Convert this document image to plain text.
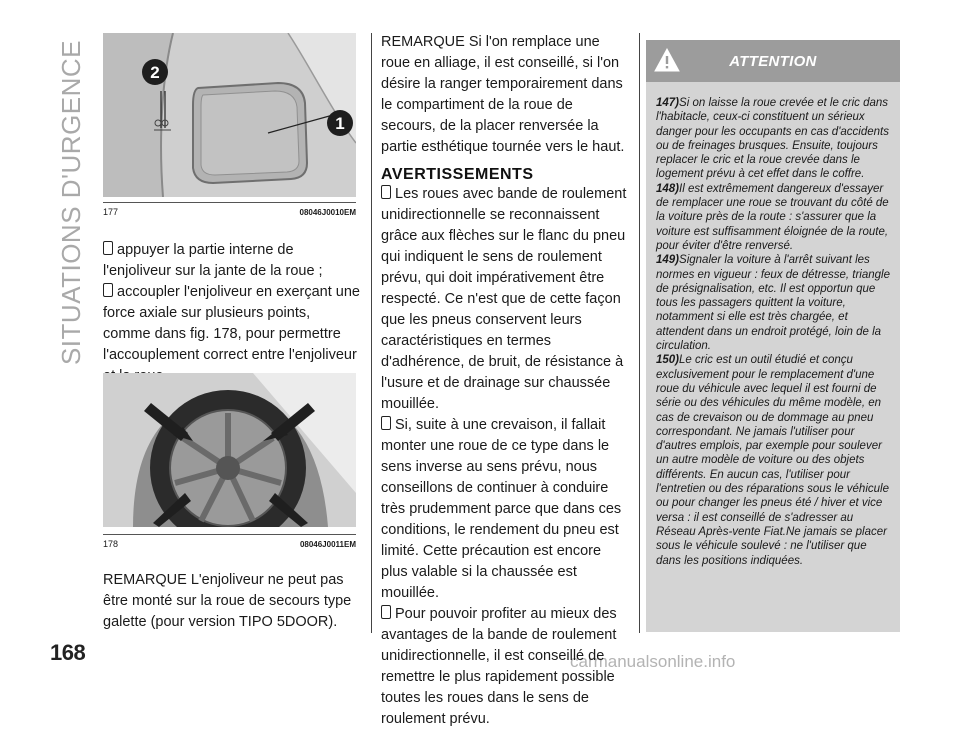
SITUATIONS D'URGENCE
168	carmanualsonline.info
2
1
177	08046J0010EM
appuyer la partie interne de l'enjoliveur sur la jante de la roue ;
accoupler l'enjoliveur en exerçant une force axiale sur plusieurs points, comme dans fig. 178, pour permettre l'accouplement correct entre l'enjoliveur
178	08046J0011EM
REMARQUE L'enjoliveur ne peut pas être monté sur la roue de secours type galette (pour version TIPO 5DOOR).
REMARQUE Si l'on remplace une roue en alliage, il est conseillé, si l'on désire la ranger temporairement dans le compartiment de la roue de secours, de la placer renversée la partie esthétique tournée vers le haut.
AVERTISSEMENTS
Les roues avec bande de roulement unidirectionnelle se reconnaissent grâce aux flèches sur le flanc du pneu qui indiquent le sens de roulement prévu, qui doit impérativement être respecté. Ce n'est que de cette façon que les pneus conservent leurs caractéristiques en termes d'adhérence, de bruit, de résistance à l'usure et de drainage sur chaussée mouillée.
Si, suite à une crevaison, il fallait monter une roue de ce type dans le sens inverse au sens prévu, nous conseillons de continuer à conduire très prudemment parce que dans ces conditions, le rendement du pneu est limité. Cette précaution est encore plus valable si la chaussée est mouillée.
Pour pouvoir profiter au mieux des avantages de la bande de roulement unidirectionnelle, il est conseillé de remettre le plus rapidement possible toutes les roues dans le sens de roulement prévu.
ATTENTION

147)Si on laisse la roue crevée et le cric dans l'habitacle, ceux-ci constituent un sérieux danger pour les occupants en cas d'accidents ou de freinages brusques. Ensuite, toujours replacer le cric et la roue crevée dans le logement prévu à cet effet dans le coffre.

148)Il est extrêmement dangereux d'essayer de remplacer une roue se trouvant du côté de la voiture près de la route : s'assurer que la voiture est suffisamment éloignée de la route, pour éviter d'être renversé.

149)Signaler la voiture à l'arrêt suivant les normes en vigueur : feux de détresse, triangle de présignalisation, etc. Il est opportun que tous les passagers quittent la voiture, notamment si elle est très chargée, et attendent dans un endroit protégé, loin de la circulation.

150)Le cric est un outil étudié et conçu exclusivement pour le remplacement d'une roue du véhicule avec lequel il est fourni de série ou des véhicules du même modèle, en cas de crevaison ou de dommage au pneu correspondant. Ne jamais l'utiliser pour d'autres emplois, par exemple pour soulever un autre modèle de voiture ou des objets différents. En aucun cas, l'utiliser pour l'entretien ou des réparations sous le véhicule ou pour changer les pneus été / hiver et vice versa : il est conseillé de s'adresser au Réseau Après-vente Fiat.Ne jamais se placer sous le véhicule soulevé : ne l'utiliser que dans les positions indiquées.
